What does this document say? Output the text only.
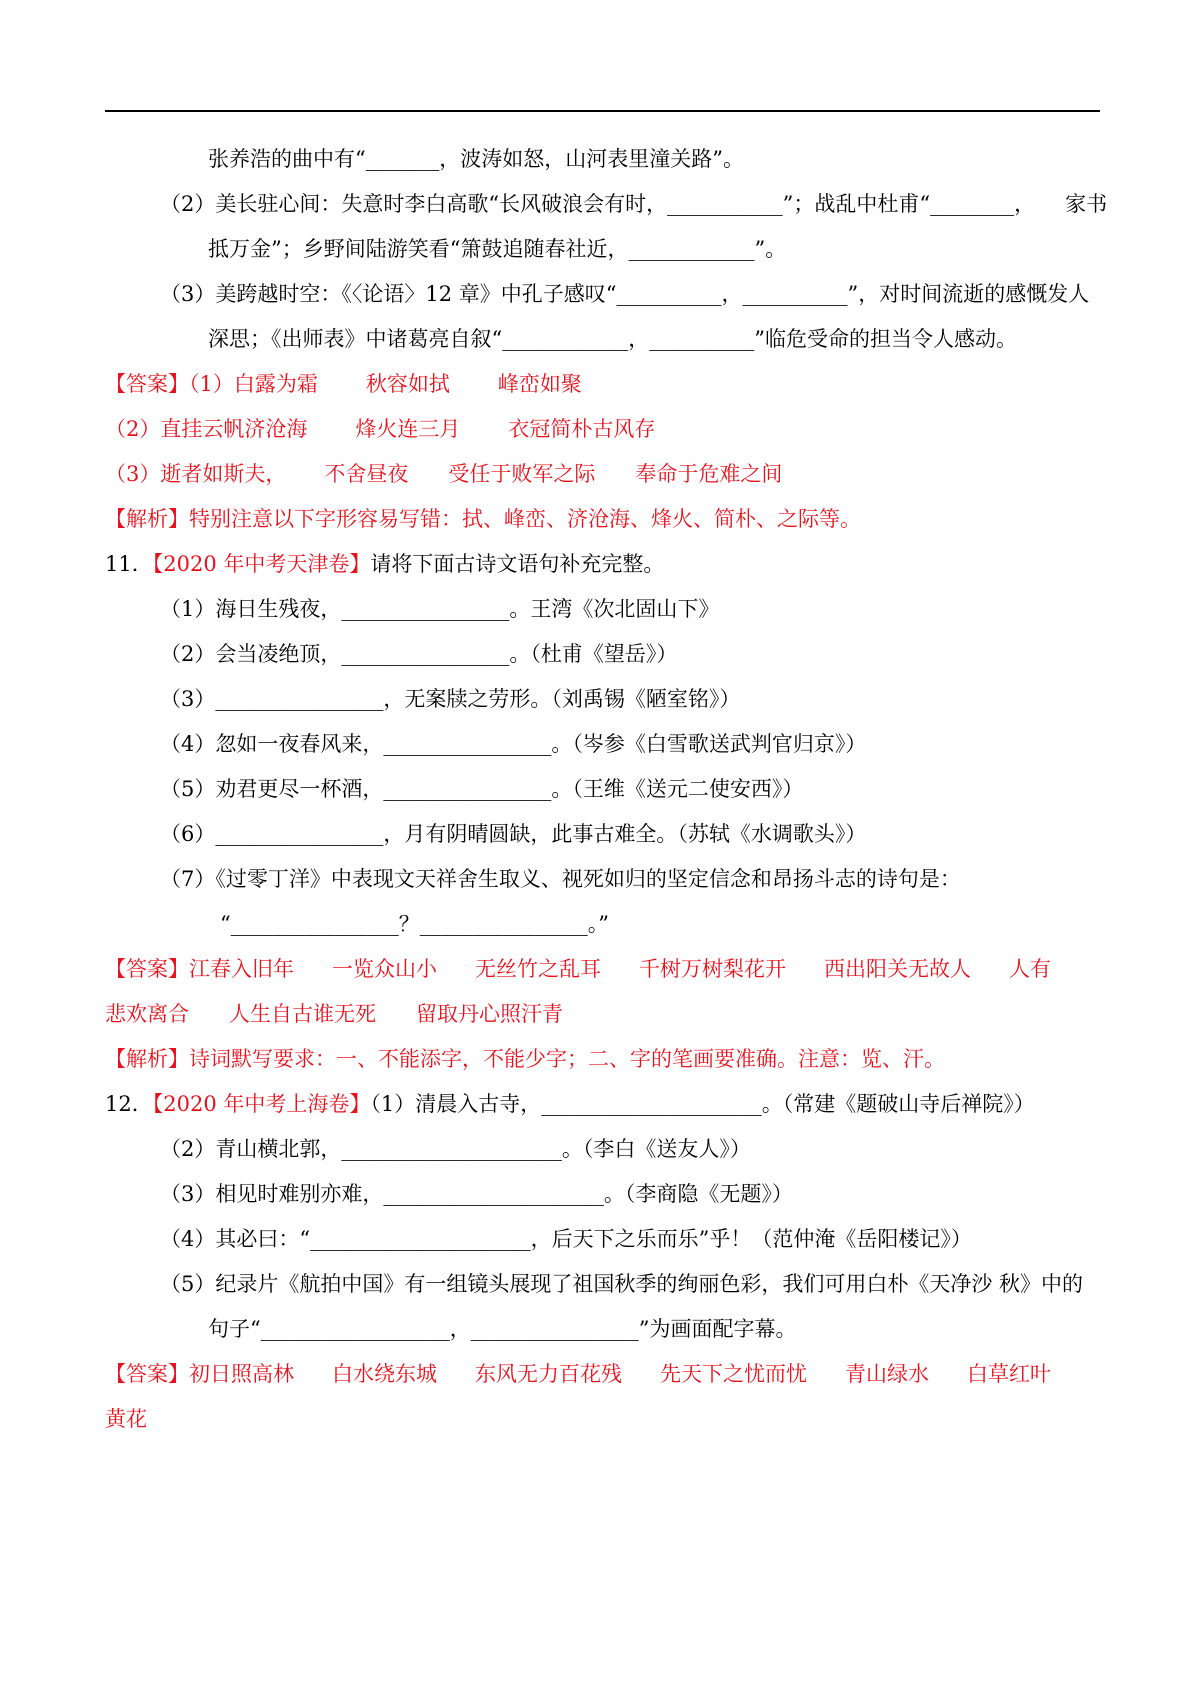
张养浩的曲中有“_______，波涛如怒，山河表里潼关路”。
（2）美长驻心间：失意时李白高歌“长风破浪会有时，___________”；战乱中杜甫“________， 家书
抵万金”；乡野间陆游笑看“箫鼓追随春社近，____________”。
（3）美跨越时空：《〈论语〉12 章》中孔子感叹“__________，__________”，对时间流逝的感慨发人
深思；《出师表》中诸葛亮自叙“____________，__________”临危受命的担当令人感动。
【答案】（1）白露为霜 秋容如拭 峰峦如聚
（2）直挂云帆济沧海 烽火连三月 衣冠简朴古风存
（3）逝者如斯夫， 不舍昼夜 受任于败军之际 奉命于危难之间
【解析】特别注意以下字形容易写错：拭、峰峦、济沧海、烽火、简朴、之际等。
11．【2020 年中考天津卷】请将下面古诗文语句补充完整。
（1）海日生残夜，________________。王湾《次北固山下》
（2）会当凌绝顶，________________。（杜甫《望岳》）
（3）________________，无案牍之劳形。（刘禹锡《陋室铭》）
（4）忽如一夜春风来，________________。（岑参《白雪歌送武判官归京》）
（5）劝君更尽一杯酒，________________。（王维《送元二使安西》）
（6）________________，月有阴晴圆缺，此事古难全。（苏轼《水调歌头》）
（7）《过零丁洋》中表现文天祥舍生取义、视死如归的坚定信念和昂扬斗志的诗句是：
“________________？________________。”
【答案】江春入旧年 一览众山小 无丝竹之乱耳 千树万树梨花开 西出阳关无故人 人有
悲欢离合 人生自古谁无死 留取丹心照汗青
【解析】诗词默写要求：一、不能添字，不能少字；二、字的笔画要准确。注意：览、汗。
12．【2020 年中考上海卷】（1）清晨入古寺，_____________________。（常建《题破山寺后禅院》）
（2）青山横北郭，_____________________。（李白《送友人》）
（3）相见时难别亦难，_____________________。（李商隐《无题》）
（4）其必曰：“_____________________，后天下之乐而乐”乎！（范仲淹《岳阳楼记》）
（5）纪录片《航拍中国》有一组镜头展现了祖国秋季的绚丽色彩，我们可用白朴《天净沙 秋》中的
句子“__________________，________________”为画面配字幕。
【答案】初日照高林 白水绕东城 东风无力百花残 先天下之忧而忧 青山绿水 白草红叶
黄花
